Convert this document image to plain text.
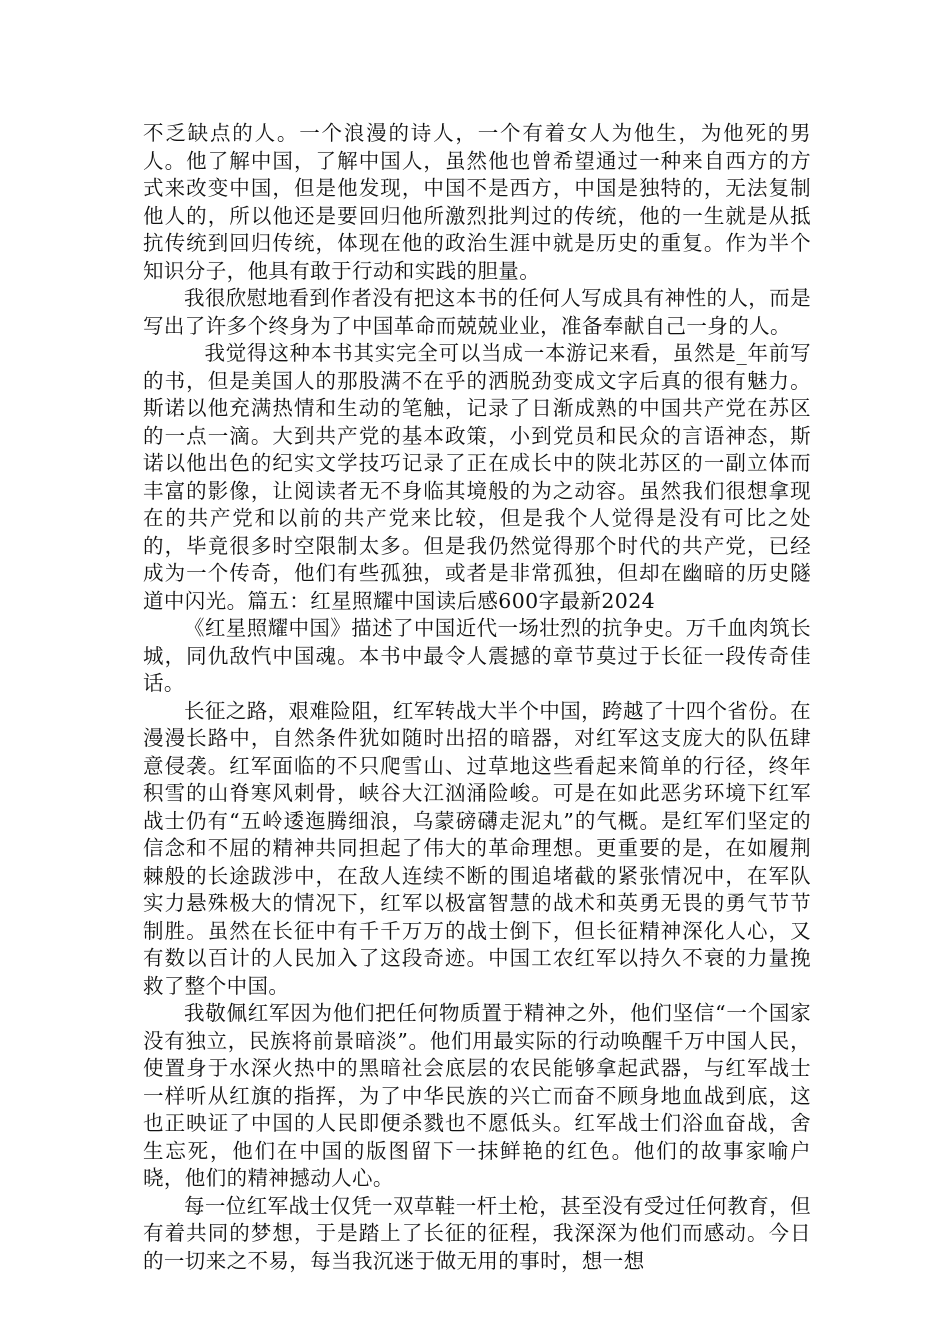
不乏缺点的人。一个浪漫的诗人，一个有着女人为他生，为他死的男人。他了解中国，了解中国人，虽然他也曾希望通过一种来自西方的方式来改变中国，但是他发现，中国不是西方，中国是独特的，无法复制他人的，所以他还是要回归他所激烈批判过的传统，他的一生就是从抵抗传统到回归传统，体现在他的政治生涯中就是历史的重复。作为半个知识分子，他具有敢于行动和实践的胆量。

我很欣慰地看到作者没有把这本书的任何人写成具有神性的人，而是写出了许多个终身为了中国革命而兢兢业业，准备奉献自己一身的人。

我觉得这种本书其实完全可以当成一本游记来看，虽然是_年前写的书，但是美国人的那股满不在乎的洒脱劲变成文字后真的很有魅力。斯诺以他充满热情和生动的笔触，记录了日渐成熟的中国共产党在苏区的一点一滴。大到共产党的基本政策，小到党员和民众的言语神态，斯诺以他出色的纪实文学技巧记录了正在成长中的陕北苏区的一副立体而丰富的影像，让阅读者无不身临其境般的为之动容。虽然我们很想拿现在的共产党和以前的共产党来比较，但是我个人觉得是没有可比之处的，毕竟很多时空限制太多。但是我仍然觉得那个时代的共产党，已经成为一个传奇，他们有些孤独，或者是非常孤独，但却在幽暗的历史隧道中闪光。篇五：红星照耀中国读后感600字最新2024

《红星照耀中国》描述了中国近代一场壮烈的抗争史。万千血肉筑长城，同仇敌忾中国魂。本书中最令人震撼的章节莫过于长征一段传奇佳话。

长征之路，艰难险阻，红军转战大半个中国，跨越了十四个省份。在漫漫长路中，自然条件犹如随时出招的暗器，对红军这支庞大的队伍肆意侵袭。红军面临的不只爬雪山、过草地这些看起来简单的行径，终年积雪的山脊寒风刺骨，峡谷大江汹涌险峻。可是在如此恶劣环境下红军战士仍有“五岭逶迤腾细浪，乌蒙磅礴走泥丸”的气概。是红军们坚定的信念和不屈的精神共同担起了伟大的革命理想。更重要的是，在如履荆棘般的长途跋涉中，在敌人连续不断的围追堵截的紧张情况中，在军队实力悬殊极大的情况下，红军以极富智慧的战术和英勇无畏的勇气节节制胜。虽然在长征中有千千万万的战士倒下，但长征精神深化人心，又有数以百计的人民加入了这段奇迹。中国工农红军以持久不衰的力量挽救了整个中国。

我敬佩红军因为他们把任何物质置于精神之外，他们坚信“一个国家没有独立，民族将前景暗淡”。他们用最实际的行动唤醒千万中国人民，使置身于水深火热中的黑暗社会底层的农民能够拿起武器，与红军战士一样听从红旗的指挥，为了中华民族的兴亡而奋不顾身地血战到底，这也正映证了中国的人民即便杀戮也不愿低头。红军战士们浴血奋战，舍生忘死，他们在中国的版图留下一抹鲜艳的红色。他们的故事家喻户晓，他们的精神撼动人心。

每一位红军战士仅凭一双草鞋一杆土枪，甚至没有受过任何教育，但有着共同的梦想，于是踏上了长征的征程，我深深为他们而感动。今日的一切来之不易，每当我沉迷于做无用的事时，想一想
